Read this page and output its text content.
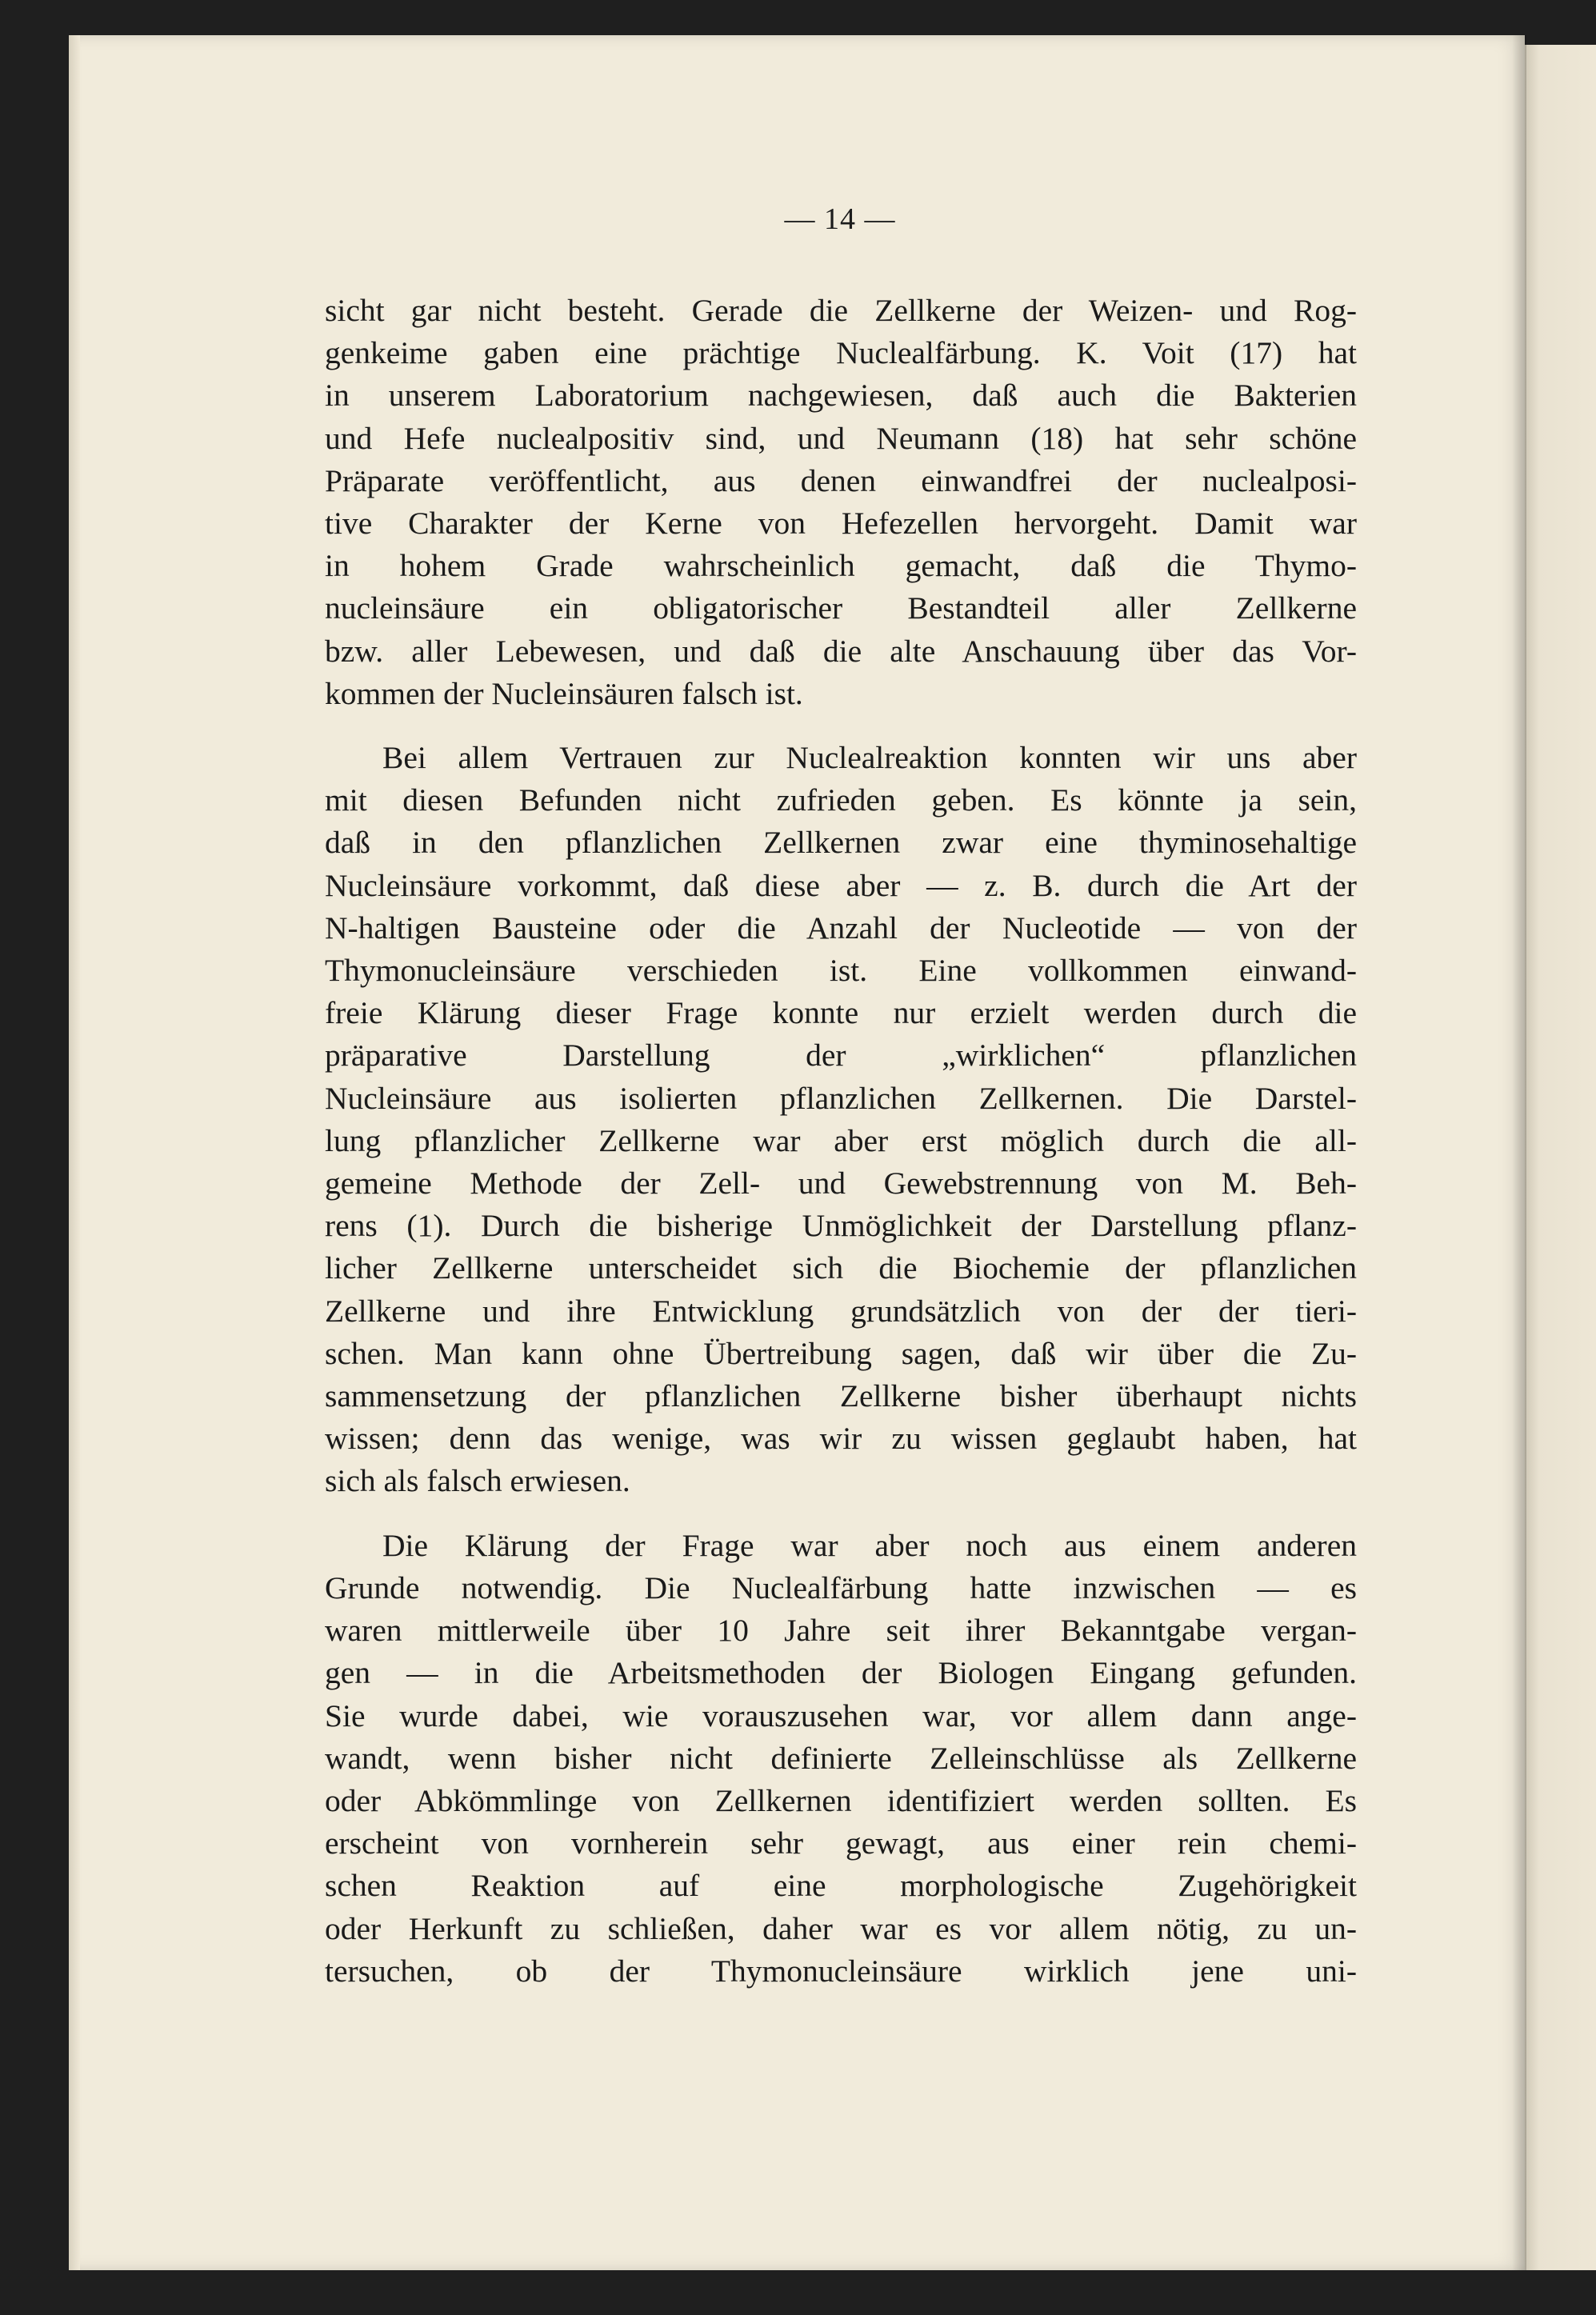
— 14 —
sicht gar nicht besteht. Gerade die Zellkerne der Weizen- und Rog-
genkeime gaben eine prächtige Nuclealfärbung. K. Voit (17) hat
in unserem Laboratorium nachgewiesen, daß auch die Bakterien
und Hefe nuclealpositiv sind, und Neumann (18) hat sehr schöne
Präparate veröffentlicht, aus denen einwandfrei der nuclealposi-
tive Charakter der Kerne von Hefezellen hervorgeht. Damit war
in hohem Grade wahrscheinlich gemacht, daß die Thymo-
nucleinsäure ein obligatorischer Bestandteil aller Zellkerne
bzw. aller Lebewesen, und daß die alte Anschauung über das Vor-
kommen der Nucleinsäuren falsch ist.
Bei allem Vertrauen zur Nuclealreaktion konnten wir uns aber
mit diesen Befunden nicht zufrieden geben. Es könnte ja sein,
daß in den pflanzlichen Zellkernen zwar eine thyminosehaltige
Nucleinsäure vorkommt, daß diese aber — z. B. durch die Art der
N-haltigen Bausteine oder die Anzahl der Nucleotide — von der
Thymonucleinsäure verschieden ist. Eine vollkommen einwand-
freie Klärung dieser Frage konnte nur erzielt werden durch die
präparative Darstellung der „wirklichen“ pflanzlichen
Nucleinsäure aus isolierten pflanzlichen Zellkernen. Die Darstel-
lung pflanzlicher Zellkerne war aber erst möglich durch die all-
gemeine Methode der Zell- und Gewebstrennung von M. Beh-
rens (1). Durch die bisherige Unmöglichkeit der Darstellung pflanz-
licher Zellkerne unterscheidet sich die Biochemie der pflanzlichen
Zellkerne und ihre Entwicklung grundsätzlich von der der tieri-
schen. Man kann ohne Übertreibung sagen, daß wir über die Zu-
sammensetzung der pflanzlichen Zellkerne bisher überhaupt nichts
wissen; denn das wenige, was wir zu wissen geglaubt haben, hat
sich als falsch erwiesen.
Die Klärung der Frage war aber noch aus einem anderen
Grunde notwendig. Die Nuclealfärbung hatte inzwischen — es
waren mittlerweile über 10 Jahre seit ihrer Bekanntgabe vergan-
gen — in die Arbeitsmethoden der Biologen Eingang gefunden.
Sie wurde dabei, wie vorauszusehen war, vor allem dann ange-
wandt, wenn bisher nicht definierte Zelleinschlüsse als Zellkerne
oder Abkömmlinge von Zellkernen identifiziert werden sollten. Es
erscheint von vornherein sehr gewagt, aus einer rein chemi-
schen Reaktion auf eine morphologische Zugehörigkeit
oder Herkunft zu schließen, daher war es vor allem nötig, zu un-
tersuchen, ob der Thymonucleinsäure wirklich jene uni-
